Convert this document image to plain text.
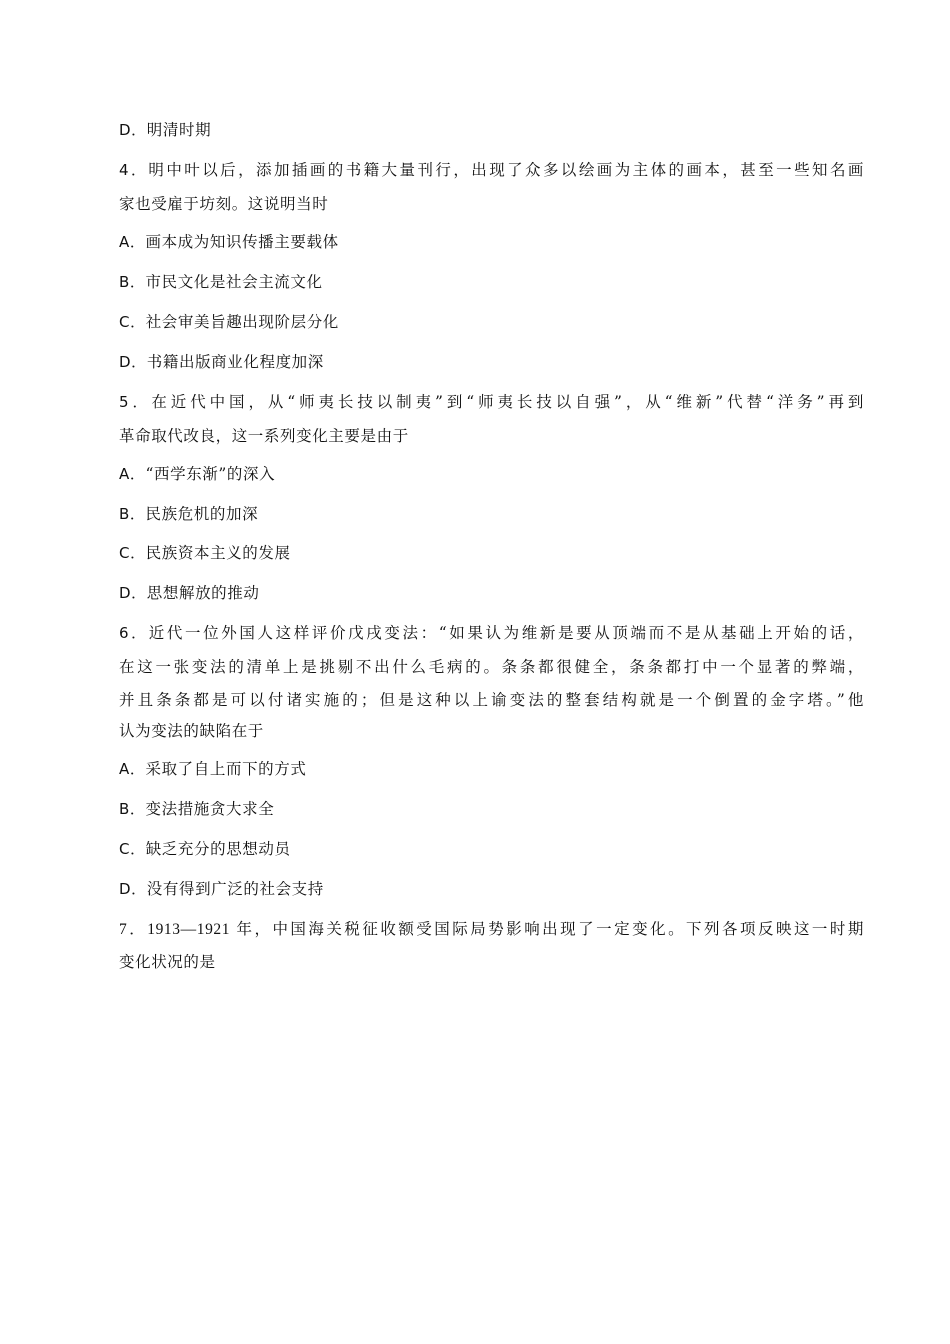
D．明清时期
4．明中叶以后，添加插画的书籍大量刊行，出现了众多以绘画为主体的画本，甚至一些知名画
家也受雇于坊刻。这说明当时
A．画本成为知识传播主要载体
B．市民文化是社会主流文化
C．社会审美旨趣出现阶层分化
D．书籍出版商业化程度加深
5．在近代中国，从“师夷长技以制夷”到“师夷长技以自强”，从“维新”代替“洋务”再到
革命取代改良，这一系列变化主要是由于
A．“西学东渐”的深入
B．民族危机的加深
C．民族资本主义的发展
D．思想解放的推动
6．近代一位外国人这样评价戊戌变法：“如果认为维新是要从顶端而不是从基础上开始的话，
在这一张变法的清单上是挑剔不出什么毛病的。条条都很健全，条条都打中一个显著的弊端，
并且条条都是可以付诸实施的；但是这种以上谕变法的整套结构就是一个倒置的金字塔。”他
认为变法的缺陷在于
A．采取了自上而下的方式
B．变法措施贪大求全
C．缺乏充分的思想动员
D．没有得到广泛的社会支持
7．1913—1921 年，中国海关税征收额受国际局势影响出现了一定变化。下列各项反映这一时期
变化状况的是
